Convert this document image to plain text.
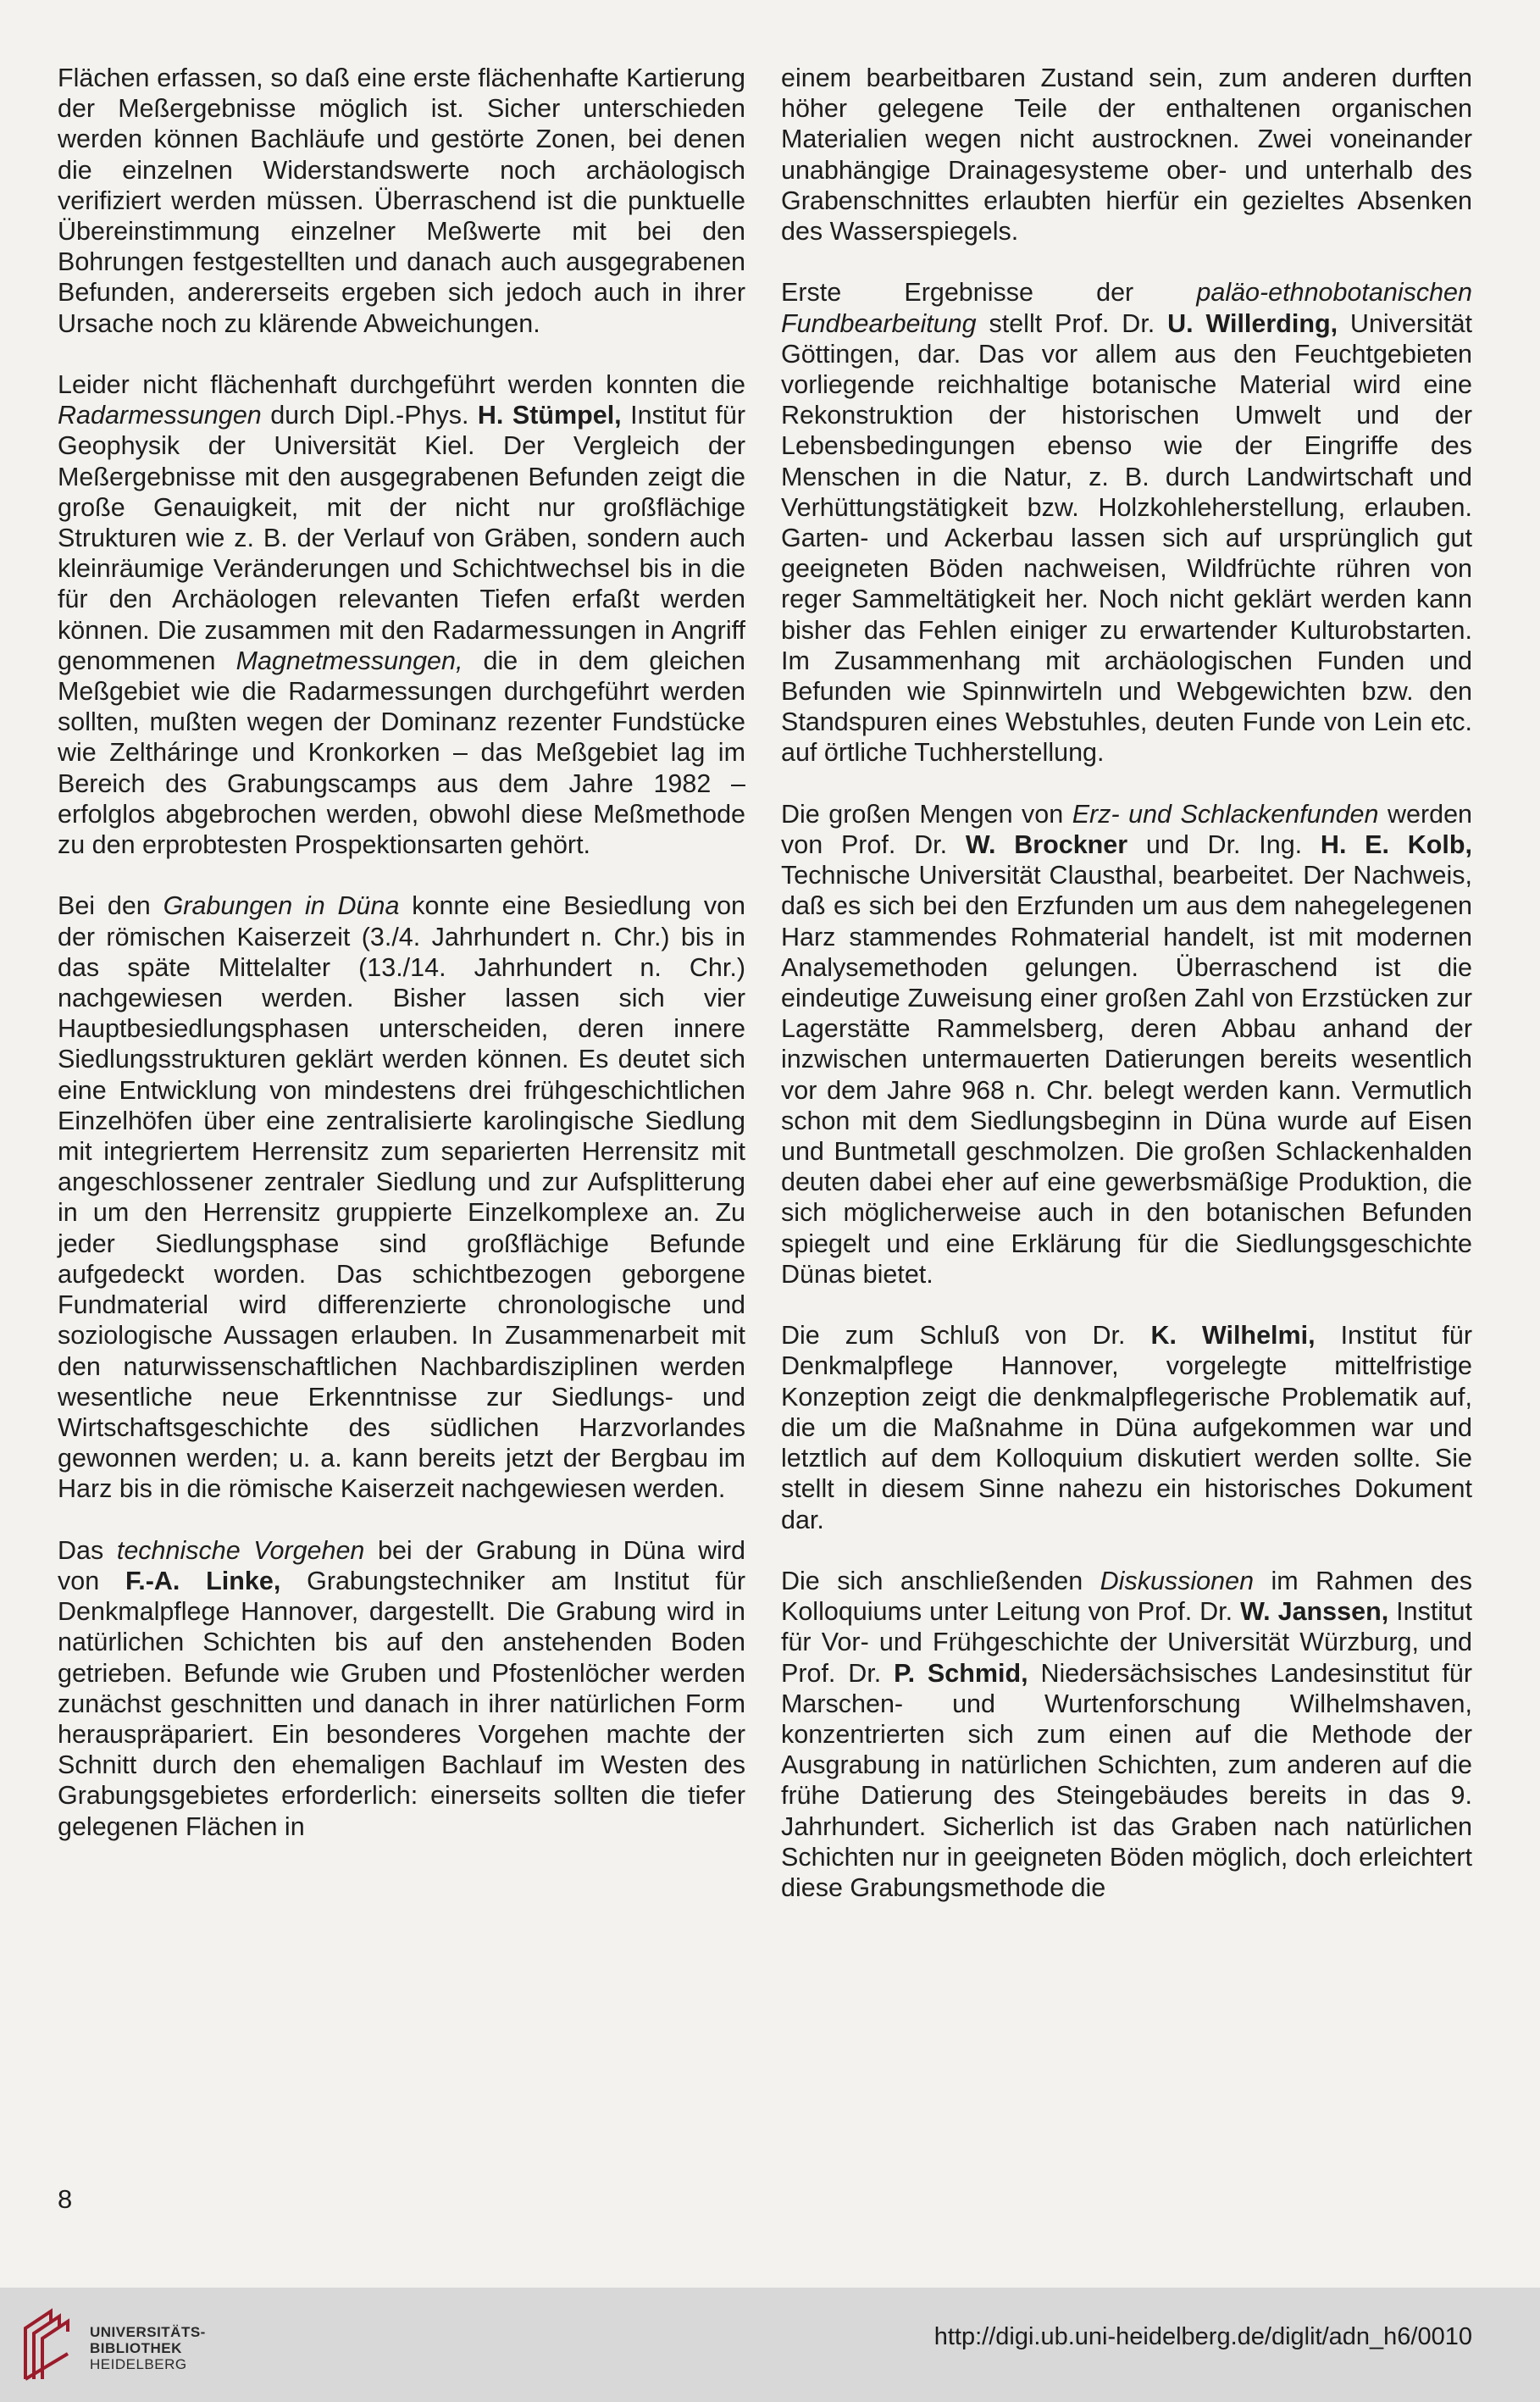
Flächen erfassen, so daß eine erste flächenhafte Kartierung der Meßergebnisse möglich ist. Sicher unterschieden werden können Bachläufe und gestörte Zonen, bei denen die einzelnen Widerstandswerte noch archäologisch verifiziert werden müssen. Überraschend ist die punktuelle Übereinstimmung einzelner Meßwerte mit bei den Bohrungen festgestellten und danach auch ausgegrabenen Befunden, andererseits ergeben sich jedoch auch in ihrer Ursache noch zu klärende Abweichungen.

Leider nicht flächenhaft durchgeführt werden konnten die Radarmessungen durch Dipl.-Phys. H. Stümpel, Institut für Geophysik der Universität Kiel. Der Vergleich der Meßergebnisse mit den ausgegrabenen Befunden zeigt die große Genauigkeit, mit der nicht nur großflächige Strukturen wie z. B. der Verlauf von Gräben, sondern auch kleinräumige Veränderungen und Schichtwechsel bis in die für den Archäologen relevanten Tiefen erfaßt werden können. Die zusammen mit den Radarmessungen in Angriff genommenen Magnetmessungen, die in dem gleichen Meßgebiet wie die Radarmessungen durchgeführt werden sollten, mußten wegen der Dominanz rezenter Fundstücke wie Zeltháringe und Kronkorken – das Meßgebiet lag im Bereich des Grabungscamps aus dem Jahre 1982 – erfolglos abgebrochen werden, obwohl diese Meßmethode zu den erprobtesten Prospektionsarten gehört.

Bei den Grabungen in Düna konnte eine Besiedlung von der römischen Kaiserzeit (3./4. Jahrhundert n. Chr.) bis in das späte Mittelalter (13./14. Jahrhundert n. Chr.) nachgewiesen werden. Bisher lassen sich vier Hauptbesiedlungsphasen unterscheiden, deren innere Siedlungsstrukturen geklärt werden können. Es deutet sich eine Entwicklung von mindestens drei frühgeschichtlichen Einzelhöfen über eine zentralisierte karolingische Siedlung mit integriertem Herrensitz zum separierten Herrensitz mit angeschlossener zentraler Siedlung und zur Aufsplitterung in um den Herrensitz gruppierte Einzelkomplexe an. Zu jeder Siedlungsphase sind großflächige Befunde aufgedeckt worden. Das schichtbezogen geborgene Fundmaterial wird differenzierte chronologische und soziologische Aussagen erlauben. In Zusammenarbeit mit den naturwissenschaftlichen Nachbardisziplinen werden wesentliche neue Erkenntnisse zur Siedlungs- und Wirtschaftsgeschichte des südlichen Harzvorlandes gewonnen werden; u. a. kann bereits jetzt der Bergbau im Harz bis in die römische Kaiserzeit nachgewiesen werden.

Das technische Vorgehen bei der Grabung in Düna wird von F.-A. Linke, Grabungstechniker am Institut für Denkmalpflege Hannover, dargestellt. Die Grabung wird in natürlichen Schichten bis auf den anstehenden Boden getrieben. Befunde wie Gruben und Pfostenlöcher werden zunächst geschnitten und danach in ihrer natürlichen Form herauspräpariert. Ein besonderes Vorgehen machte der Schnitt durch den ehemaligen Bachlauf im Westen des Grabungsgebietes erforderlich: einerseits sollten die tiefer gelegenen Flächen in

einem bearbeitbaren Zustand sein, zum anderen durften höher gelegene Teile der enthaltenen organischen Materialien wegen nicht austrocknen. Zwei voneinander unabhängige Drainagesysteme ober- und unterhalb des Grabenschnittes erlaubten hierfür ein gezieltes Absenken des Wasserspiegels.

Erste Ergebnisse der paläo-ethnobotanischen Fundbearbeitung stellt Prof. Dr. U. Willerding, Universität Göttingen, dar. Das vor allem aus den Feuchtgebieten vorliegende reichhaltige botanische Material wird eine Rekonstruktion der historischen Umwelt und der Lebensbedingungen ebenso wie der Eingriffe des Menschen in die Natur, z. B. durch Landwirtschaft und Verhüttungstätigkeit bzw. Holzkohleherstellung, erlauben. Garten- und Ackerbau lassen sich auf ursprünglich gut geeigneten Böden nachweisen, Wildfrüchte rühren von reger Sammeltätigkeit her. Noch nicht geklärt werden kann bisher das Fehlen einiger zu erwartender Kulturobstarten. Im Zusammenhang mit archäologischen Funden und Befunden wie Spinnwirteln und Webgewichten bzw. den Standspuren eines Webstuhles, deuten Funde von Lein etc. auf örtliche Tuchherstellung.

Die großen Mengen von Erz- und Schlackenfunden werden von Prof. Dr. W. Brockner und Dr. Ing. H. E. Kolb, Technische Universität Clausthal, bearbeitet. Der Nachweis, daß es sich bei den Erzfunden um aus dem nahegelegenen Harz stammendes Rohmaterial handelt, ist mit modernen Analysemethoden gelungen. Überraschend ist die eindeutige Zuweisung einer großen Zahl von Erzstücken zur Lagerstätte Rammelsberg, deren Abbau anhand der inzwischen untermauerten Datierungen bereits wesentlich vor dem Jahre 968 n. Chr. belegt werden kann. Vermutlich schon mit dem Siedlungsbeginn in Düna wurde auf Eisen und Buntmetall geschmolzen. Die großen Schlackenhalden deuten dabei eher auf eine gewerbsmäßige Produktion, die sich möglicherweise auch in den botanischen Befunden spiegelt und eine Erklärung für die Siedlungsgeschichte Dünas bietet.

Die zum Schluß von Dr. K. Wilhelmi, Institut für Denkmalpflege Hannover, vorgelegte mittelfristige Konzeption zeigt die denkmalpflegerische Problematik auf, die um die Maßnahme in Düna aufgekommen war und letztlich auf dem Kolloquium diskutiert werden sollte. Sie stellt in diesem Sinne nahezu ein historisches Dokument dar.

Die sich anschließenden Diskussionen im Rahmen des Kolloquiums unter Leitung von Prof. Dr. W. Janssen, Institut für Vor- und Frühgeschichte der Universität Würzburg, und Prof. Dr. P. Schmid, Niedersächsisches Landesinstitut für Marschen- und Wurtenforschung Wilhelmshaven, konzentrierten sich zum einen auf die Methode der Ausgrabung in natürlichen Schichten, zum anderen auf die frühe Datierung des Steingebäudes bereits in das 9. Jahrhundert. Sicherlich ist das Graben nach natürlichen Schichten nur in geeigneten Böden möglich, doch erleichtert diese Grabungsmethode die

8
UNIVERSITÄTS-
BIBLIOTHEK
HEIDELBERG
http://digi.ub.uni-heidelberg.de/diglit/adn_h6/0010
